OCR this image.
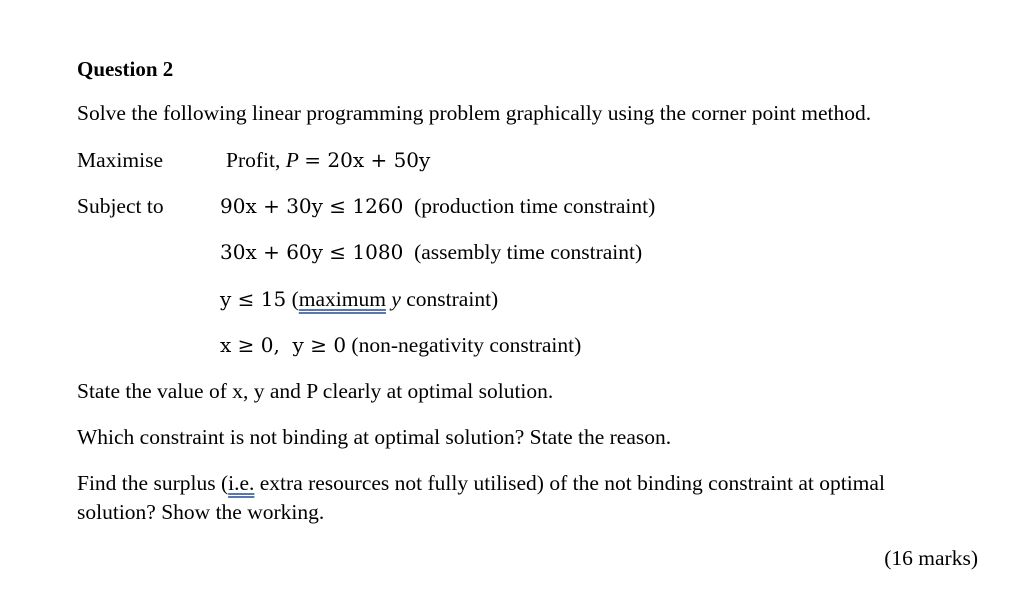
Question 2
Solve the following linear programming problem graphically using the corner point method.
Maximise	Profit, P = 20x + 50y
Subject to	90x + 30y ≤ 1260 (production time constraint)
30x + 60y ≤ 1080 (assembly time constraint)
y ≤ 15 (maximum y constraint)
x ≥ 0,  y ≥ 0 (non-negativity constraint)
State the value of x, y and P clearly at optimal solution.
Which constraint is not binding at optimal solution? State the reason.
Find the surplus (i.e. extra resources not fully utilised) of the not binding constraint at optimal
solution? Show the working.
(16 marks)
